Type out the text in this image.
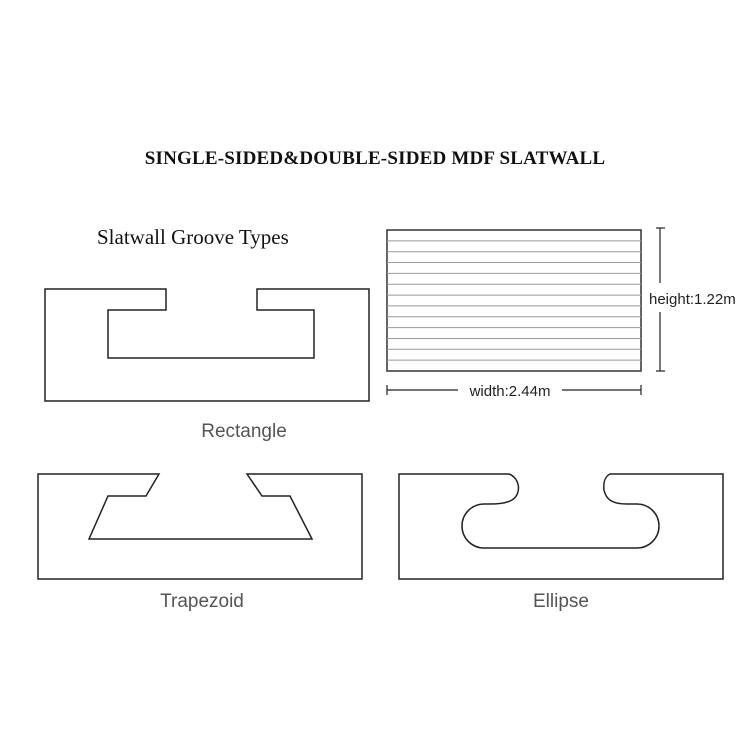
SINGLE-SIDED&DOUBLE-SIDED MDF SLATWALL
Slatwall Groove Types
Rectangle
height:1.22m
width:2.44m
Trapezoid	Ellipse
